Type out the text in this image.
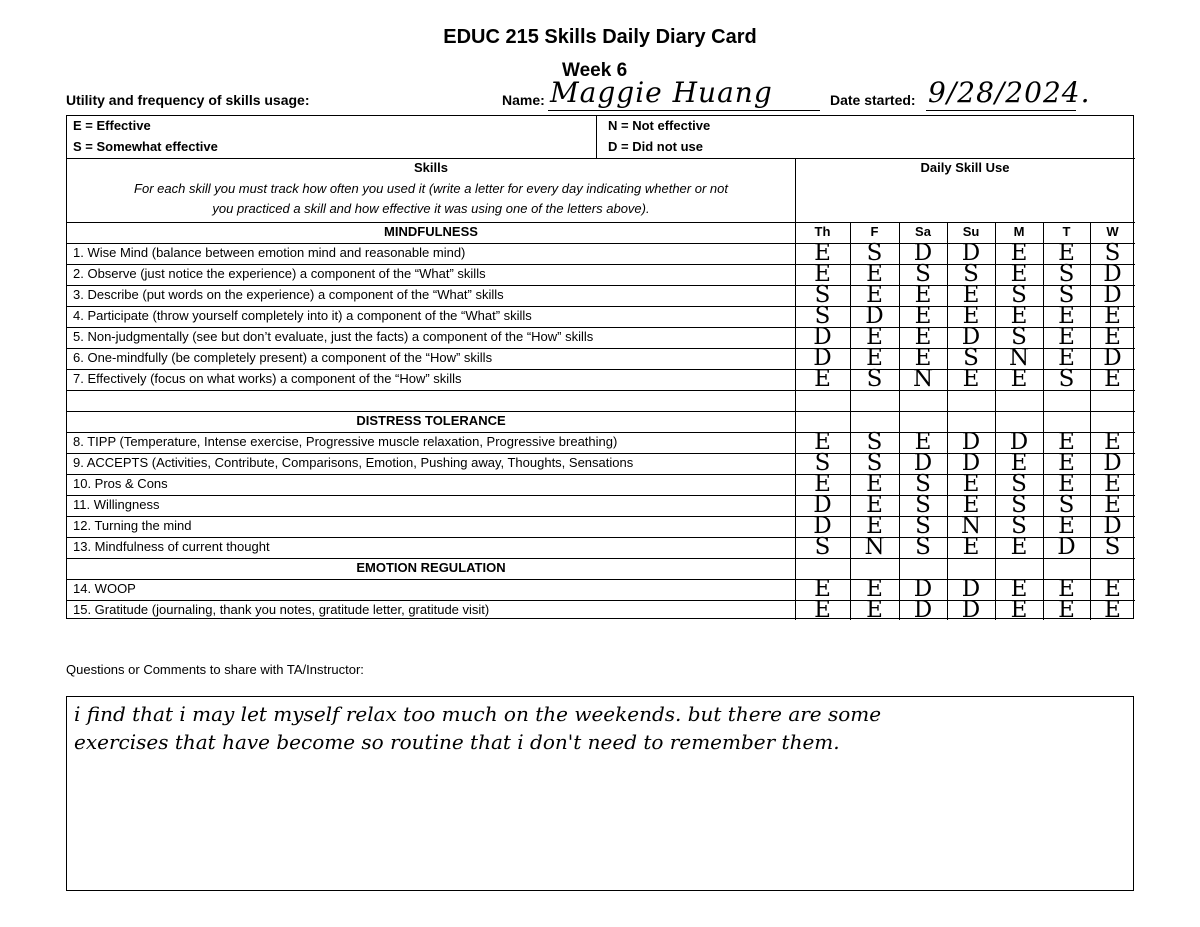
EDUC 215 Skills Daily Diary Card
Week 6
Utility and frequency of skills usage:	Name: Maggie Huang	Date started: 9/28/2024.
E = Effective
S = Somewhat effective
N = Not effective
D = Did not use
Skills
For each skill you must track how often you used it (write a letter for every day indicating whether or not
you practiced a skill and how effective it was using one of the letters above).
Daily Skill Use
Th	F	Sa	Su	M	T	W
MINDFULNESS
1. Wise Mind (balance between emotion mind and reasonable mind)	E	S	D	D	E	E	S
2. Observe (just notice the experience) a component of the “What” skills	E	E	S	S	E	S	D
3. Describe (put words on the experience) a component of the “What” skills	S	E	E	E	S	S	D
4. Participate (throw yourself completely into it) a component of the “What” skills	S	D	E	E	E	E	E
5. Non-judgmentally (see but don’t evaluate, just the facts) a component of the “How” skills	D	E	E	D	S	E	E
6. One-mindfully (be completely present) a component of the “How” skills	D	E	E	S	N	E	D
7. Effectively (focus on what works) a component of the “How” skills	E	S	N	E	E	S	E
DISTRESS TOLERANCE
8. TIPP (Temperature, Intense exercise, Progressive muscle relaxation, Progressive breathing)	E	S	E	D	D	E	E
9. ACCEPTS (Activities, Contribute, Comparisons, Emotion, Pushing away, Thoughts, Sensations	S	S	D	D	E	E	D
10. Pros & Cons	E	E	S	E	S	E	E
11. Willingness	D	E	S	E	S	S	E
12. Turning the mind	D	E	S	N	S	E	D
13. Mindfulness of current thought	S	N	S	E	E	D	S
EMOTION REGULATION
14. WOOP	E	E	D	D	E	E	E
15. Gratitude (journaling, thank you notes, gratitude letter, gratitude visit)	E	E	D	D	E	E	E
Questions or Comments to share with TA/Instructor:
i find that i may let myself relax too much on the weekends. but there are some
exercises that have become so routine that i don't need to remember them.
